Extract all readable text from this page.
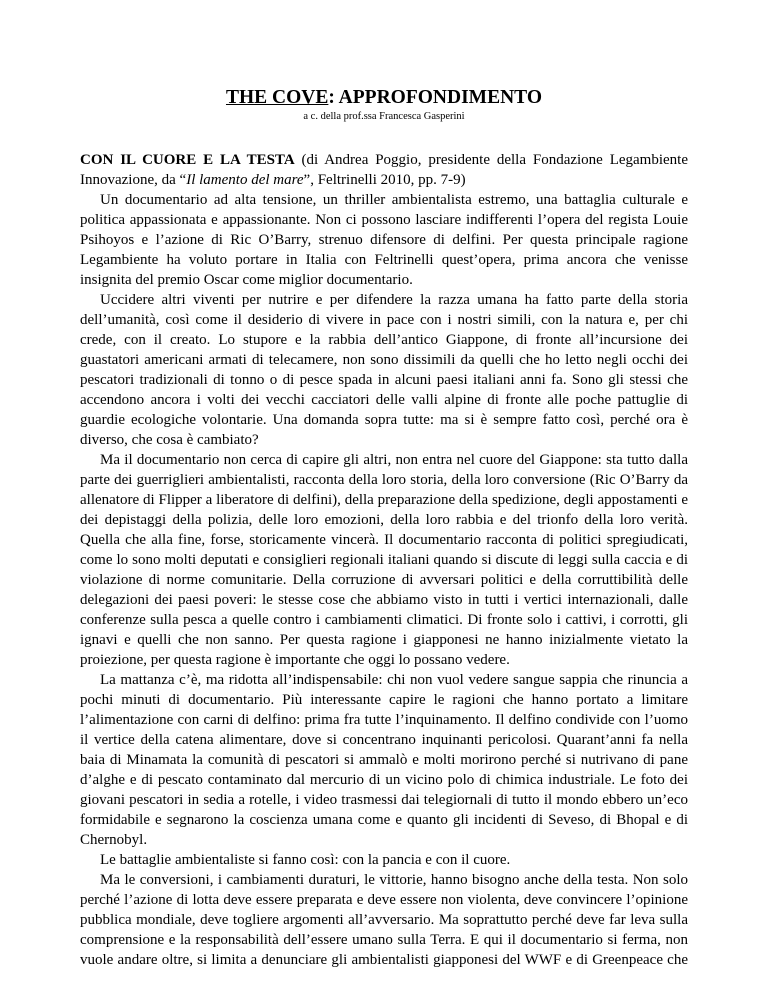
THE COVE: APPROFONDIMENTO
a c. della prof.ssa Francesca Gasperini

CON IL CUORE E LA TESTA (di Andrea Poggio, presidente della Fondazione Legambiente Innovazione, da “Il lamento del mare”, Feltrinelli 2010, pp. 7-9)

Un documentario ad alta tensione, un thriller ambientalista estremo, una battaglia culturale e politica appassionata e appassionante. Non ci possono lasciare indifferenti l’opera del regista Louie Psihoyos e l’azione di Ric O’Barry, strenuo difensore di delfini. Per questa principale ragione Legambiente ha voluto portare in Italia con Feltrinelli quest’opera, prima ancora che venisse insignita del premio Oscar come miglior documentario.

Uccidere altri viventi per nutrire e per difendere la razza umana ha fatto parte della storia dell’umanità, così come il desiderio di vivere in pace con i nostri simili, con la natura e, per chi crede, con il creato. Lo stupore e la rabbia dell’antico Giappone, di fronte all’incursione dei guastatori americani armati di telecamere, non sono dissimili da quelli che ho letto negli occhi dei pescatori tradizionali di tonno o di pesce spada in alcuni paesi italiani anni fa. Sono gli stessi che accendono ancora i volti dei vecchi cacciatori delle valli alpine di fronte alle poche pattuglie di guardie ecologiche volontarie. Una domanda sopra tutte: ma si è sempre fatto così, perché ora è diverso, che cosa è cambiato?

Ma il documentario non cerca di capire gli altri, non entra nel cuore del Giappone: sta tutto dalla parte dei guerriglieri ambientalisti, racconta della loro storia, della loro conversione (Ric O’Barry da allenatore di Flipper a liberatore di delfini), della preparazione della spedizione, degli appostamenti e dei depistaggi della polizia, delle loro emozioni, della loro rabbia e del trionfo della loro verità. Quella che alla fine, forse, storicamente vincerà. Il documentario racconta di politici spregiudicati, come lo sono molti deputati e consiglieri regionali italiani quando si discute di leggi sulla caccia e di violazione di norme comunitarie. Della corruzione di avversari politici e della corruttibilità delle delegazioni dei paesi poveri: le stesse cose che abbiamo visto in tutti i vertici internazionali, dalle conferenze sulla pesca a quelle contro i cambiamenti climatici. Di fronte solo i cattivi, i corrotti, gli ignavi e quelli che non sanno. Per questa ragione i giapponesi ne hanno inizialmente vietato la proiezione, per questa ragione è importante che oggi lo possano vedere.

La mattanza c’è, ma ridotta all’indispensabile: chi non vuol vedere sangue sappia che rinuncia a pochi minuti di documentario. Più interessante capire le ragioni che hanno portato a limitare l’alimentazione con carni di delfino: prima fra tutte l’inquinamento. Il delfino condivide con l’uomo il vertice della catena alimentare, dove si concentrano inquinanti pericolosi. Quarant’anni fa nella baia di Minamata la comunità di pescatori si ammalò e molti morirono perché si nutrivano di pane d’alghe e di pescato contaminato dal mercurio di un vicino polo di chimica industriale. Le foto dei giovani pescatori in sedia a rotelle, i video trasmessi dai telegiornali di tutto il mondo ebbero un’eco formidabile e segnarono la coscienza umana come e quanto gli incidenti di Seveso, di Bhopal e di Chernobyl.

Le battaglie ambientaliste si fanno così: con la pancia e con il cuore.

Ma le conversioni, i cambiamenti duraturi, le vittorie, hanno bisogno anche della testa. Non solo perché l’azione di lotta deve essere preparata e deve essere non violenta, deve convincere l’opinione pubblica mondiale, deve togliere argomenti all’avversario. Ma soprattutto perché deve far leva sulla comprensione e la responsabilità dell’essere umano sulla Terra. E qui il documentario si ferma, non vuole andare oltre, si limita a denunciare gli ambientalisti giapponesi del WWF e di Greenpeace che
